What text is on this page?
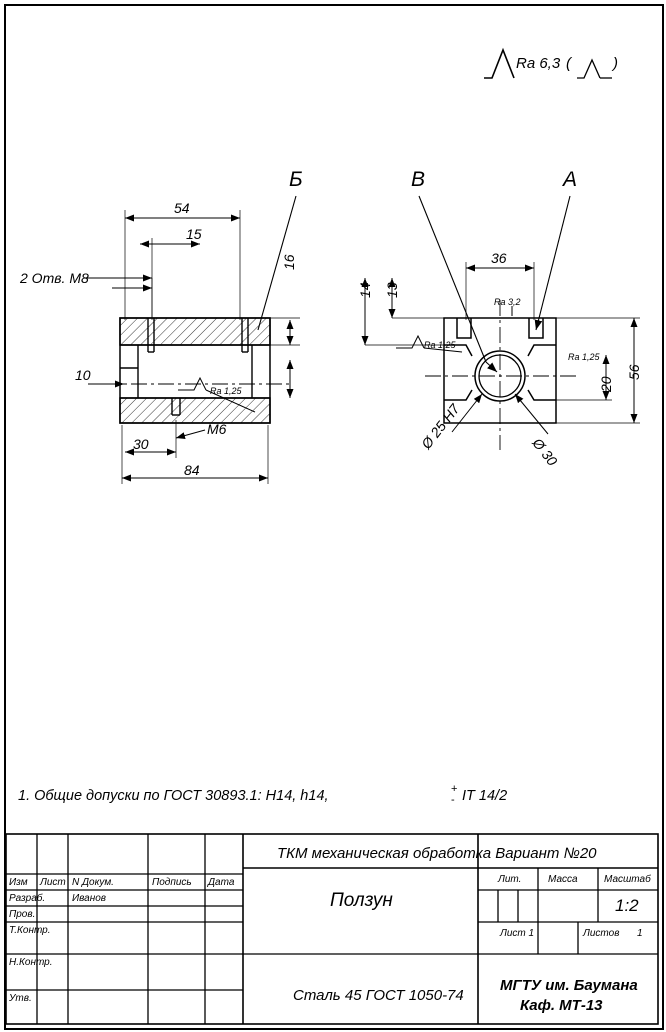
Ra 6,3 (	)
Б	В	А
54
15
2 Отв. М8
16
10
Ra 1,25
M6
30
84
36
14 13
56
20
Ra 3,2
Ra 1,25
Ra 1,25
Ø 25 H7
Ø 30
1. Общие допуски по ГОСТ 30893.1: H14, h14,	+
- IT 14/2
ТКМ механическая обработка Вариант №20
Ползун
Сталь 45 ГОСТ 1050-74
МГТУ им. Баумана
Каф. МТ-13
Изм Лист N Докум.	Подпись Дата
Разраб.	Иванов
Пров.
Т.Контр.
Н.Контр.
Утв.
Лит.	Масса	Масштаб
1:2
Лист 1	Листов 1
